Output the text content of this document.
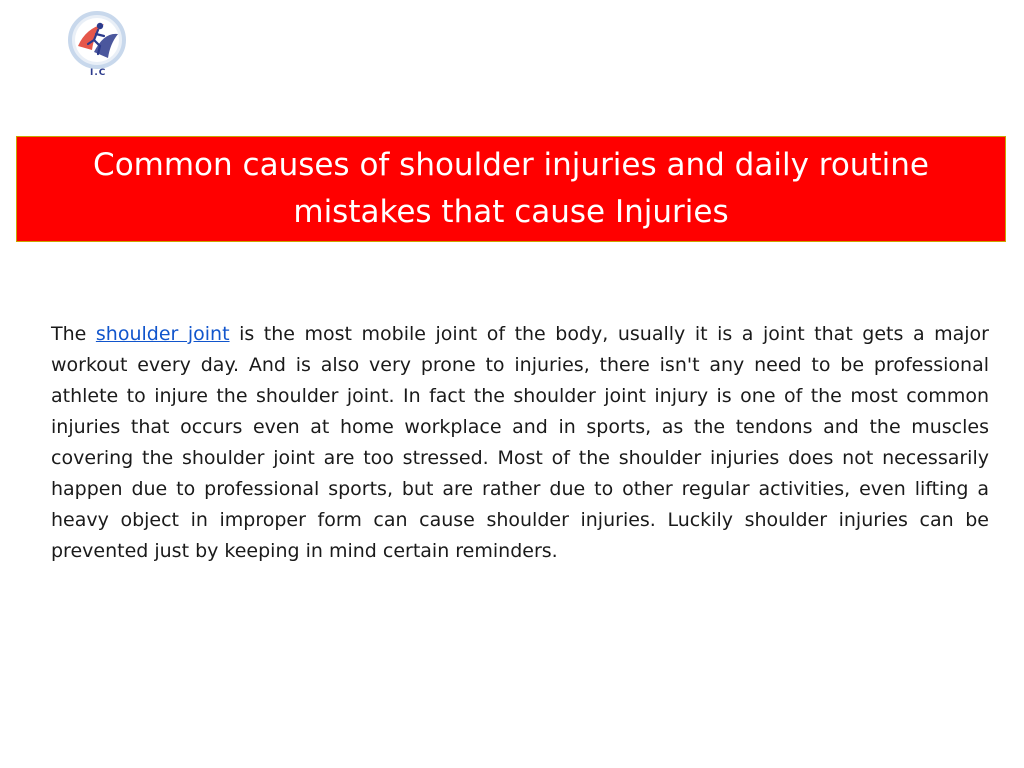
I.C
Common causes of shoulder injuries and daily routine mistakes that cause Injuries

The shoulder joint is the most mobile joint of the body, usually it is a joint that gets a major workout every day. And is also very prone to injuries, there isn't any need to be professional athlete to injure the shoulder joint. In fact the shoulder joint injury is one of the most common injuries that occurs even at home workplace and in sports, as the tendons and the muscles covering the shoulder joint are too stressed. Most of the shoulder injuries does not necessarily happen due to professional sports, but are rather due to other regular activities, even lifting a heavy object in improper form can cause shoulder injuries. Luckily shoulder injuries can be prevented just by keeping in mind certain reminders.
